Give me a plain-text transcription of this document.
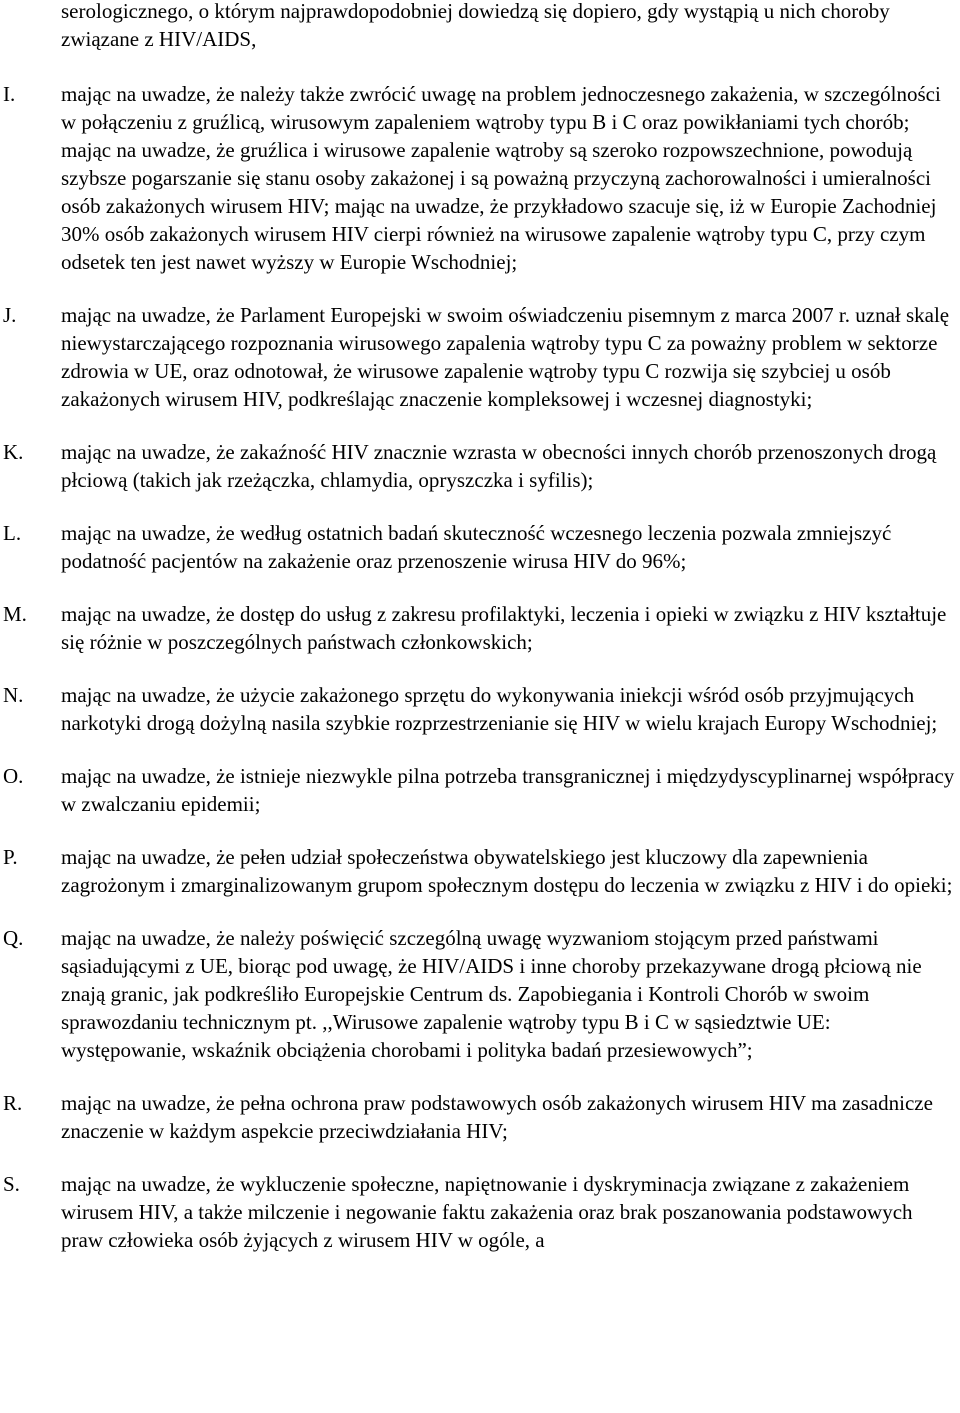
serologicznego, o którym najprawdopodobniej dowiedzą się dopiero, gdy wystąpią u nich choroby związane z HIV/AIDS,
I. mając na uwadze, że należy także zwrócić uwagę na problem jednoczesnego zakażenia, w szczególności w połączeniu z gruźlicą, wirusowym zapaleniem wątroby typu B i C oraz powikłaniami tych chorób; mając na uwadze, że gruźlica i wirusowe zapalenie wątroby są szeroko rozpowszechnione, powodują szybsze pogarszanie się stanu osoby zakażonej i są poważną przyczyną zachorowalności i umieralności osób zakażonych wirusem HIV; mając na uwadze, że przykładowo szacuje się, iż w Europie Zachodniej 30% osób zakażonych wirusem HIV cierpi również na wirusowe zapalenie wątroby typu C, przy czym odsetek ten jest nawet wyższy w Europie Wschodniej;
J. mając na uwadze, że Parlament Europejski w swoim oświadczeniu pisemnym z marca 2007 r. uznał skalę niewystarczającego rozpoznania wirusowego zapalenia wątroby typu C za poważny problem w sektorze zdrowia w UE, oraz odnotował, że wirusowe zapalenie wątroby typu C rozwija się szybciej u osób zakażonych wirusem HIV, podkreślając znaczenie kompleksowej i wczesnej diagnostyki;
K. mając na uwadze, że zakaźność HIV znacznie wzrasta w obecności innych chorób przenoszonych drogą płciową (takich jak rzeżączka, chlamydia, opryszczka i syfilis);
L. mając na uwadze, że według ostatnich badań skuteczność wczesnego leczenia pozwala zmniejszyć podatność pacjentów na zakażenie oraz przenoszenie wirusa HIV do 96%;
M. mając na uwadze, że dostęp do usług z zakresu profilaktyki, leczenia i opieki w związku z HIV kształtuje się różnie w poszczególnych państwach członkowskich;
N. mając na uwadze, że użycie zakażonego sprzętu do wykonywania iniekcji wśród osób przyjmujących narkotyki drogą dożylną nasila szybkie rozprzestrzenianie się HIV w wielu krajach Europy Wschodniej;
O. mając na uwadze, że istnieje niezwykle pilna potrzeba transgranicznej i międzydyscyplinarnej współpracy w zwalczaniu epidemii;
P. mając na uwadze, że pełen udział społeczeństwa obywatelskiego jest kluczowy dla zapewnienia zagrożonym i zmarginalizowanym grupom społecznym dostępu do leczenia w związku z HIV i do opieki;
Q. mając na uwadze, że należy poświęcić szczególną uwagę wyzwaniom stojącym przed państwami sąsiadującymi z UE, biorąc pod uwagę, że HIV/AIDS i inne choroby przekazywane drogą płciową nie znają granic, jak podkreśliło Europejskie Centrum ds. Zapobiegania i Kontroli Chorób w swoim sprawozdaniu technicznym pt. ,,Wirusowe zapalenie wątroby typu B i C w sąsiedztwie UE: występowanie, wskaźnik obciążenia chorobami i polityka badań przesiewowych”;
R. mając na uwadze, że pełna ochrona praw podstawowych osób zakażonych wirusem HIV ma zasadnicze znaczenie w każdym aspekcie przeciwdziałania HIV;
S. mając na uwadze, że wykluczenie społeczne, napiętnowanie i dyskryminacja związane z zakażeniem wirusem HIV, a także milczenie i negowanie faktu zakażenia oraz brak poszanowania podstawowych praw człowieka osób żyjących z wirusem HIV w ogóle, a
